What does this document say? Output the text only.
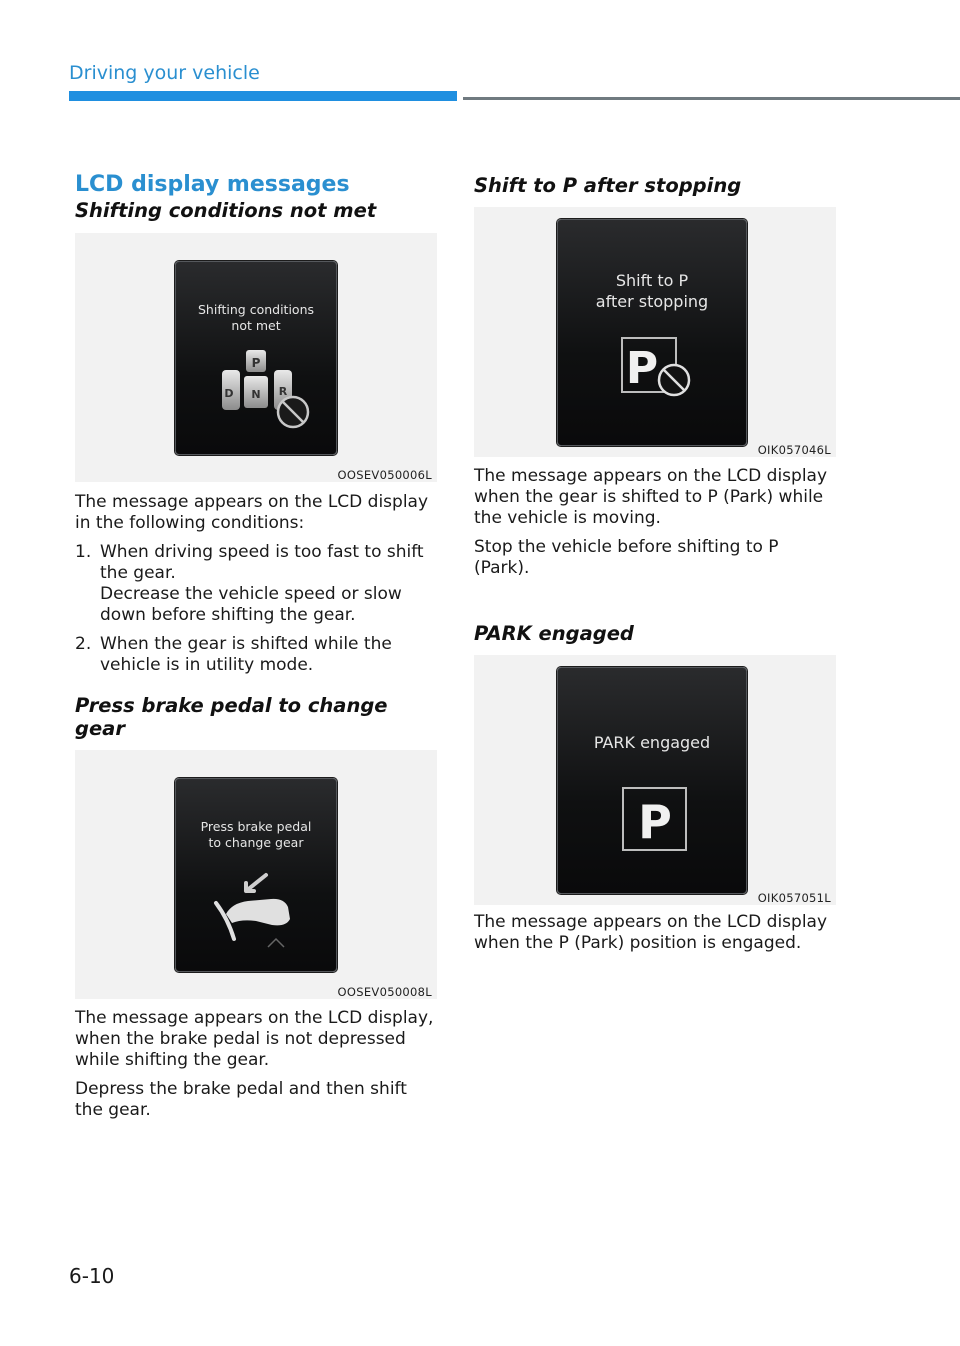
Driving your vehicle
LCD display messages
Shifting conditions not met
Shifting conditions
not met
P
D N R
OOSEV050006L

The message appears on the LCD display in the following conditions:

1. When driving speed is too fast to shift the gear.
Decrease the vehicle speed or slow down before shifting the gear.
2. When the gear is shifted while the vehicle is in utility mode.
Press brake pedal to change gear
Press brake pedal
to change gear
OOSEV050008L

The message appears on the LCD display, when the brake pedal is not depressed while shifting the gear.

Depress the brake pedal and then shift the gear.

Shift to P after stopping
Shift to P
after stopping
P
OIK057046L

The message appears on the LCD display when the gear is shifted to P (Park) while the vehicle is moving.

Stop the vehicle before shifting to P (Park).

PARK engaged
PARK engaged
P
OIK057051L

The message appears on the LCD display when the P (Park) position is engaged.

6-10
